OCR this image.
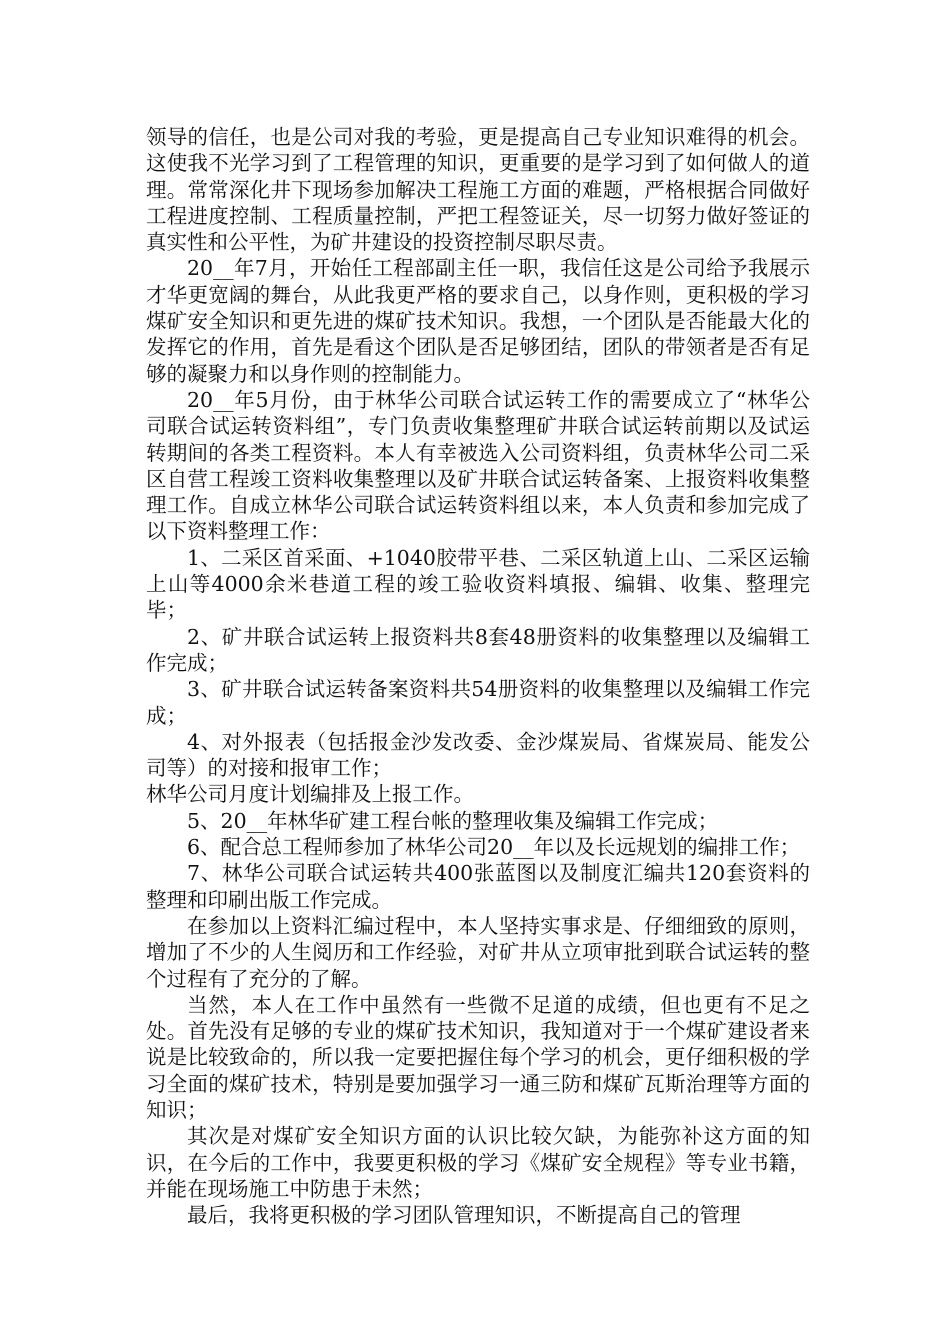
领导的信任，也是公司对我的考验，更是提高自己专业知识难得的机会。这使我不光学习到了工程管理的知识，更重要的是学习到了如何做人的道理。常常深化井下现场参加解决工程施工方面的难题，严格根据合同做好工程进度控制、工程质量控制，严把工程签证关，尽一切努力做好签证的真实性和公平性，为矿井建设的投资控制尽职尽责。

20__年7月，开始任工程部副主任一职，我信任这是公司给予我展示才华更宽阔的舞台，从此我更严格的要求自己，以身作则，更积极的学习煤矿安全知识和更先进的煤矿技术知识。我想，一个团队是否能最大化的发挥它的作用，首先是看这个团队是否足够团结，团队的带领者是否有足够的凝聚力和以身作则的控制能力。

20__年5月份，由于林华公司联合试运转工作的需要成立了“林华公司联合试运转资料组”，专门负责收集整理矿井联合试运转前期以及试运转期间的各类工程资料。本人有幸被选入公司资料组，负责林华公司二采区自营工程竣工资料收集整理以及矿井联合试运转备案、上报资料收集整理工作。自成立林华公司联合试运转资料组以来，本人负责和参加完成了以下资料整理工作：

1、二采区首采面、+1040胶带平巷、二采区轨道上山、二采区运输上山等4000余米巷道工程的竣工验收资料填报、编辑、收集、整理完毕；

2、矿井联合试运转上报资料共8套48册资料的收集整理以及编辑工作完成；

3、矿井联合试运转备案资料共54册资料的收集整理以及编辑工作完成；

4、对外报表（包括报金沙发改委、金沙煤炭局、省煤炭局、能发公司等）的对接和报审工作；

林华公司月度计划编排及上报工作。

5、20__年林华矿建工程台帐的整理收集及编辑工作完成；

6、配合总工程师参加了林华公司20__年以及长远规划的编排工作；

7、林华公司联合试运转共400张蓝图以及制度汇编共120套资料的整理和印刷出版工作完成。

在参加以上资料汇编过程中，本人坚持实事求是、仔细细致的原则，增加了不少的人生阅历和工作经验，对矿井从立项审批到联合试运转的整个过程有了充分的了解。

当然，本人在工作中虽然有一些微不足道的成绩，但也更有不足之处。首先没有足够的专业的煤矿技术知识，我知道对于一个煤矿建设者来说是比较致命的，所以我一定要把握住每个学习的机会，更仔细积极的学习全面的煤矿技术，特别是要加强学习一通三防和煤矿瓦斯治理等方面的知识；

其次是对煤矿安全知识方面的认识比较欠缺，为能弥补这方面的知识，在今后的工作中，我要更积极的学习《煤矿安全规程》等专业书籍，并能在现场施工中防患于未然；

最后，我将更积极的学习团队管理知识，不断提高自己的管理
